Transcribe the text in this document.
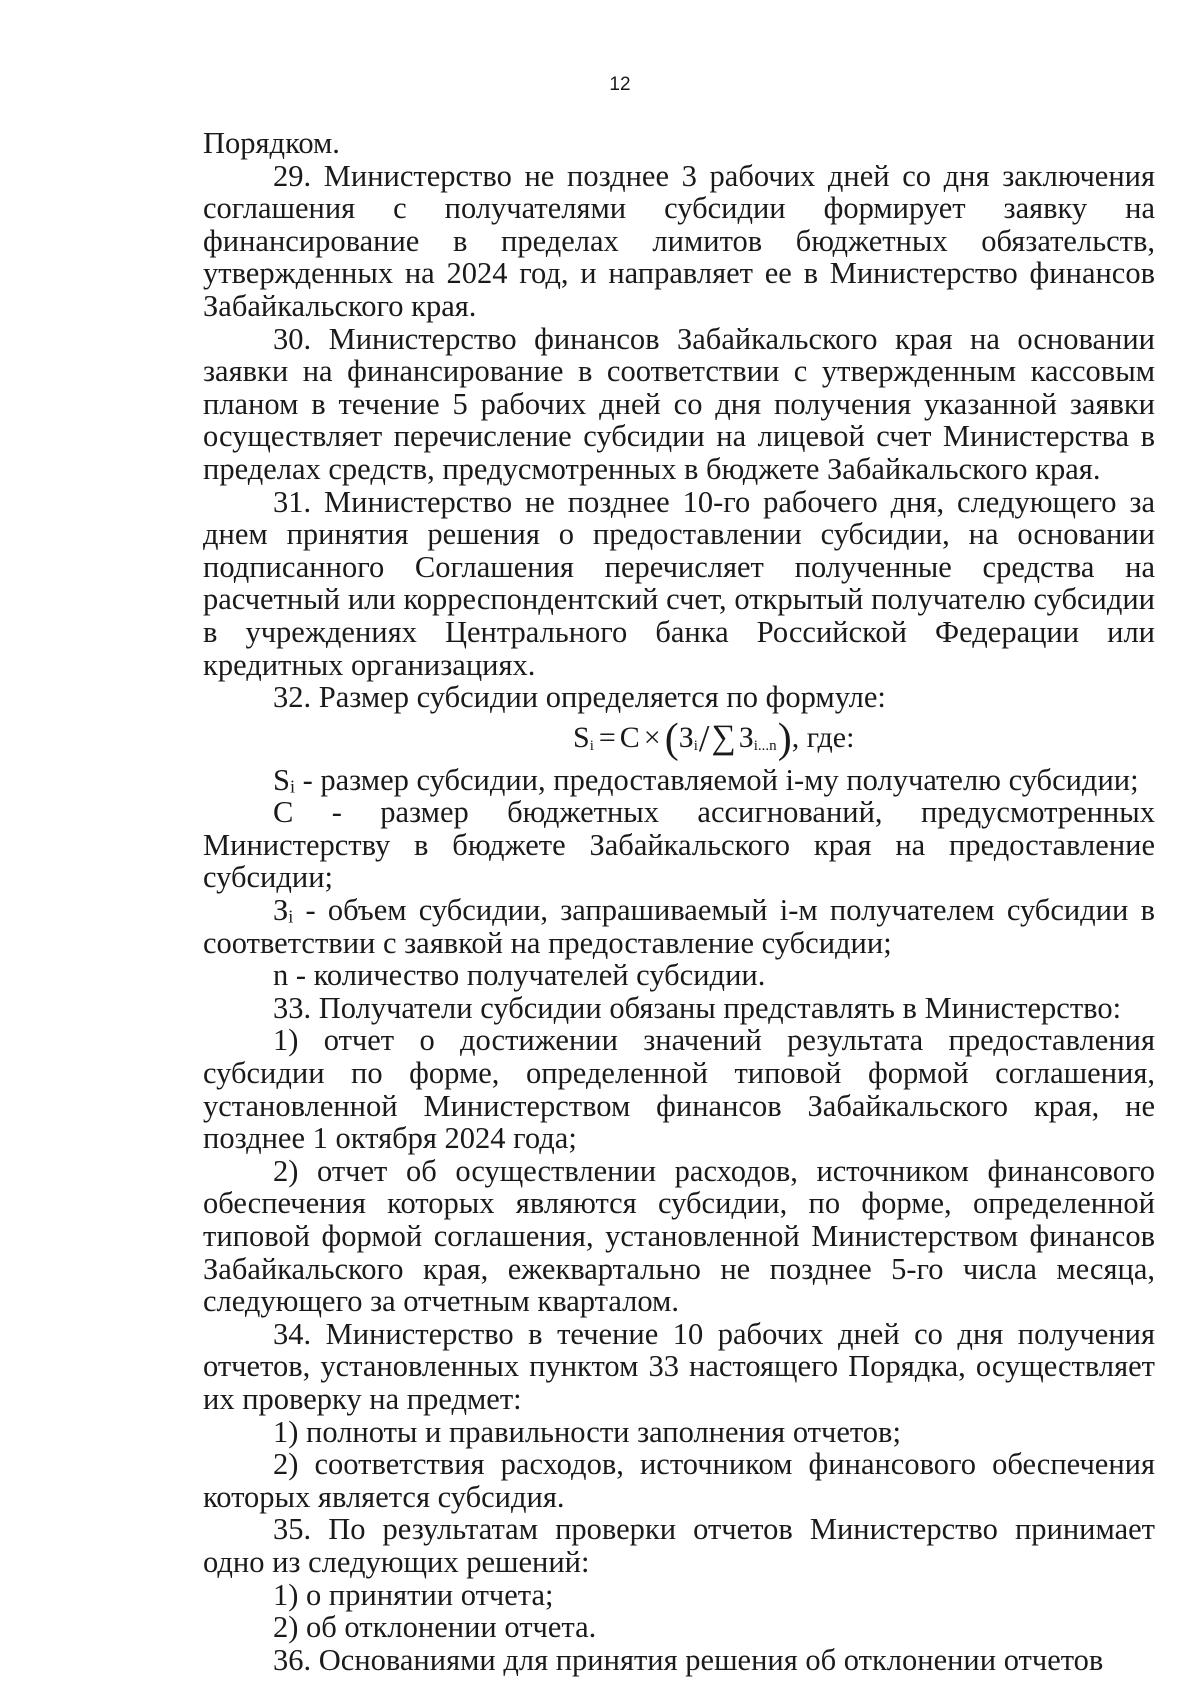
12

Порядком.

29. Министерство не позднее 3 рабочих дней со дня заключения соглашения с получателями субсидии формирует заявку на финансирование в пределах лимитов бюджетных обязательств, утвержденных на 2024 год, и направляет ее в Министерство финансов Забайкальского края.

30. Министерство финансов Забайкальского края на основании заявки на финансирование в соответствии с утвержденным кассовым планом в течение 5 рабочих дней со дня получения указанной заявки осуществляет перечисление субсидии на лицевой счет Министерства в пределах средств, предусмотренных в бюджете Забайкальского края.

31. Министерство не позднее 10-го рабочего дня, следующего за днем принятия решения о предоставлении субсидии, на основании подписанного Соглашения перечисляет полученные средства на расчетный или корреспондентский счет, открытый получателю субсидии в учреждениях Центрального банка Российской Федерации или кредитных организациях.

32. Размер субсидии определяется по формуле:

S i = C × ( З i / ∑ З i...n ) , где:

Sᵢ - размер субсидии, предоставляемой i-му получателю субсидии;

С - размер бюджетных ассигнований, предусмотренных Министерству в бюджете Забайкальского края на предоставление субсидии;

Зᵢ - объем субсидии, запрашиваемый i-м получателем субсидии в соответствии с заявкой на предоставление субсидии;

n - количество получателей субсидии.

33. Получатели субсидии обязаны представлять в Министерство:

1) отчет о достижении значений результата предоставления субсидии по форме, определенной типовой формой соглашения, установленной Министерством финансов Забайкальского края, не позднее 1 октября 2024 года;

2) отчет об осуществлении расходов, источником финансового обеспечения которых являются субсидии, по форме, определенной типовой формой соглашения, установленной Министерством финансов Забайкальского края, ежеквартально не позднее 5-го числа месяца, следующего за отчетным кварталом.

34. Министерство в течение 10 рабочих дней со дня получения отчетов, установленных пунктом 33 настоящего Порядка, осуществляет их проверку на предмет:

1) полноты и правильности заполнения отчетов;

2) соответствия расходов, источником финансового обеспечения которых является субсидия.

35. По результатам проверки отчетов Министерство принимает одно из следующих решений:

1) о принятии отчета;

2) об отклонении отчета.

36. Основаниями для принятия решения об отклонении отчетов
